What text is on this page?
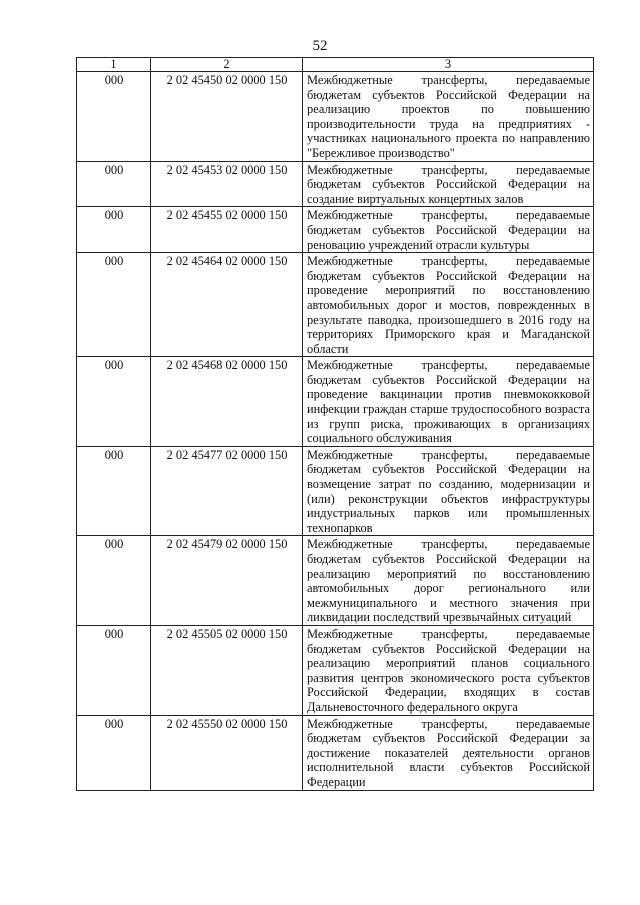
52
1	2	3
000	2 02 45450 02 0000 150	Межбюджетные трансферты, передаваемые бюджетам субъектов Российской Федерации на реализацию проектов по повышению производительности труда на предприятиях - участниках национального проекта по направлению "Бережливое производство"
000	2 02 45453 02 0000 150	Межбюджетные трансферты, передаваемые бюджетам субъектов Российской Федерации на создание виртуальных концертных залов
000	2 02 45455 02 0000 150	Межбюджетные трансферты, передаваемые бюджетам субъектов Российской Федерации на реновацию учреждений отрасли культуры
000	2 02 45464 02 0000 150	Межбюджетные трансферты, передаваемые бюджетам субъектов Российской Федерации на проведение мероприятий по восстановлению автомобильных дорог и мостов, поврежденных в результате паводка, произошедшего в 2016 году на территориях Приморского края и Магаданской области
000	2 02 45468 02 0000 150	Межбюджетные трансферты, передаваемые бюджетам субъектов Российской Федерации на проведение вакцинации против пневмококковой инфекции граждан старше трудоспособного возраста из групп риска, проживающих в организациях социального обслуживания
000	2 02 45477 02 0000 150	Межбюджетные трансферты, передаваемые бюджетам субъектов Российской Федерации на возмещение затрат по созданию, модернизации и (или) реконструкции объектов инфраструктуры индустриальных парков или промышленных технопарков
000	2 02 45479 02 0000 150	Межбюджетные трансферты, передаваемые бюджетам субъектов Российской Федерации на реализацию мероприятий по восстановлению автомобильных дорог регионального или межмуниципального и местного значения при ликвидации последствий чрезвычайных ситуаций
000	2 02 45505 02 0000 150	Межбюджетные трансферты, передаваемые бюджетам субъектов Российской Федерации на реализацию мероприятий планов социального развития центров экономического роста субъектов Российской Федерации, входящих в состав Дальневосточного федерального округа
000	2 02 45550 02 0000 150	Межбюджетные трансферты, передаваемые бюджетам субъектов Российской Федерации за достижение показателей деятельности органов исполнительной власти субъектов Российской Федерации
